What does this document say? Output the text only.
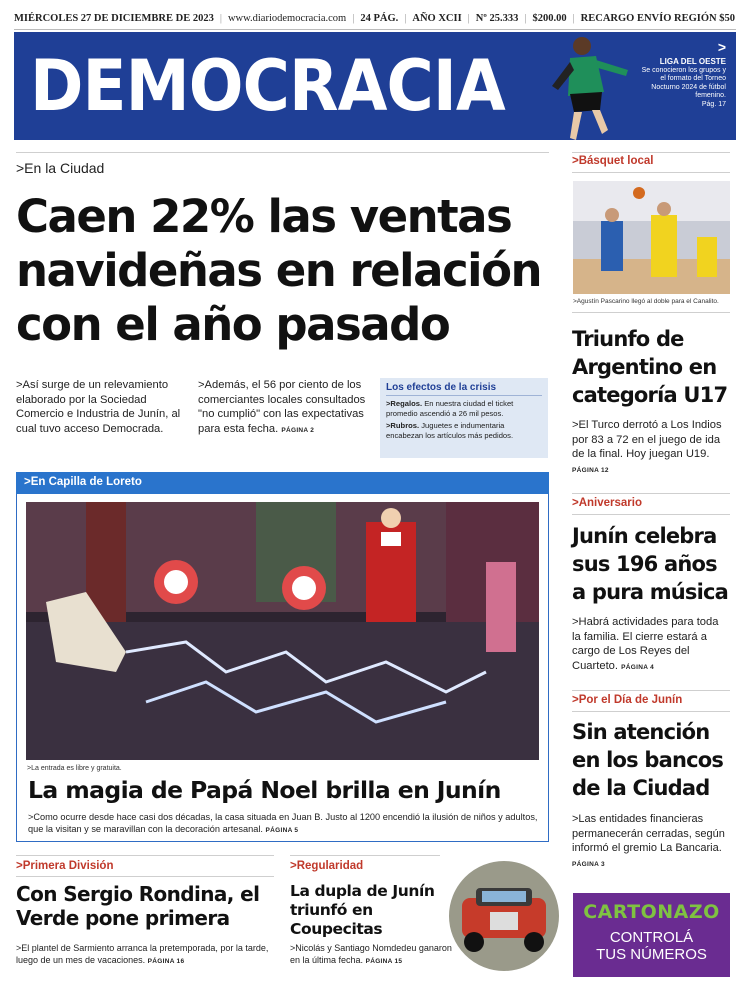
MIÉRCOLES 27 DE DICIEMBRE DE 2023 | www.diariodemocracia.com | 24 PÁG. | AÑO XCII | Nº 25.333 | $200.00 | RECARGO ENVÍO REGIÓN $50
DEMOCRACIA	>
LIGA DEL OESTE
Se conocieron los grupos y el formato del Torneo Nocturno 2024 de fútbol femenino.
Pág. 17
>En la Ciudad
Caen 22% las ventas navideñas en relación con el año pasado
>Así surge de un relevamiento elaborado por la Sociedad Comercio e Industria de Junín, al cual tuvo acceso Democrada.
>Además, el 56 por ciento de los comerciantes locales consultados "no cumplió" con las expectativas para esta fecha. PÁGINA 2
Los efectos de la crisis

>Regalos. En nuestra ciudad el ticket promedio ascendió a 26 mil pesos.

>Rubros. Juguetes e indumentaria encabezan los artículos más pedidos.

>En Capilla de Loreto
>La entrada es libre y gratuita.
La magia de Papá Noel brilla en Junín
>Como ocurre desde hace casi dos décadas, la casa situada en Juan B. Justo al 1200 encendió la ilusión de niños y adultos, que la visitan y se maravillan con la decoración artesanal. PÁGINA 5
>Primera División
Con Sergio Rondina, el Verde pone primera
>El plantel de Sarmiento arranca la pretemporada, por la tarde, luego de un mes de vacaciones. PÁGINA 16
>Regularidad
La dupla de Junín triunfó en Coupecitas
>Nicolás y Santiago Nomdedeu ganaron en la última fecha. PÁGINA 15
>Básquet local
>Agustín Pascarino llegó al doble para el Canalito.
Triunfo de Argentino en categoría U17
>El Turco derrotó a Los Indios por 83 a 72 en el juego de ida de la final. Hoy juegan U19. PÁGINA 12
>Aniversario
Junín celebra sus 196 años a pura música
>Habrá actividades para toda la familia. El cierre estará a cargo de Los Reyes del Cuarteto. PÁGINA 4
>Por el Día de Junín
Sin atención en los bancos de la Ciudad
>Las entidades financieras permanecerán cerradas, según informó el gremio La Bancaria. PÁGINA 3
CARTONAZO
CONTROLÁ
TUS NÚMEROS
